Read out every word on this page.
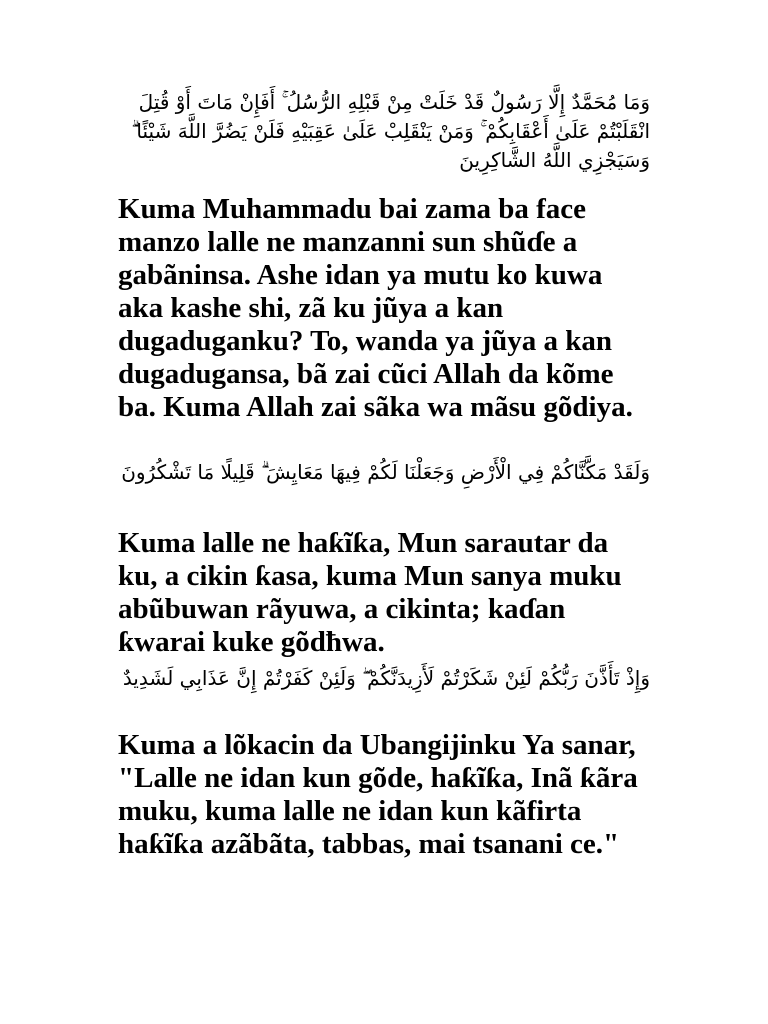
وَمَا مُحَمَّدٌ إِلَّا رَسُولٌ قَدْ خَلَتْ مِنْ قَبْلِهِ الرُّسُلُ ۚ أَفَإِنْ مَاتَ أَوْ قُتِلَ انْقَلَبْتُمْ عَلَىٰ أَعْقَابِكُمْ ۚ وَمَنْ يَنْقَلِبْ عَلَىٰ عَقِبَيْهِ فَلَنْ يَضُرَّ اللَّهَ شَيْئًا ۗ وَسَيَجْزِي اللَّهُ الشَّاكِرِينَ

Kuma Muhammadu bai zama ba face manzo lalle ne manzanni sun shũɗe a gabãninsa. Ashe idan ya mutu ko kuwa aka kashe shi, zã ku jũya a kan dugaduganku? To, wanda ya jũya a kan dugadugansa, bã zai cũci Allah da kõme ba. Kuma Allah zai sãka wa mãsu gõdiya.

وَلَقَدْ مَكَّنَّاكُمْ فِي الْأَرْضِ وَجَعَلْنَا لَكُمْ فِيهَا مَعَايِشَ ۗ قَلِيلًا مَا تَشْكُرُونَ

Kuma lalle ne haƙĩƙa, Mun sarautar da ku, a cikin ƙasa, kuma Mun sanya muku abũbuwan rãyuwa, a cikinta; kaɗan ƙwarai kuke gõdħwa.

وَإِذْ تَأَذَّنَ رَبُّكُمْ لَئِنْ شَكَرْتُمْ لَأَزِيدَنَّكُمْ ۖ وَلَئِنْ كَفَرْتُمْ إِنَّ عَذَابِي لَشَدِيدٌ

Kuma a lõkacin da Ubangijinku Ya sanar, "Lalle ne idan kun gõde, haƙĩƙa, Inã ƙãra muku, kuma lalle ne idan kun kãfirta haƙĩƙa azãbãta, tabbas, mai tsanani ce."
